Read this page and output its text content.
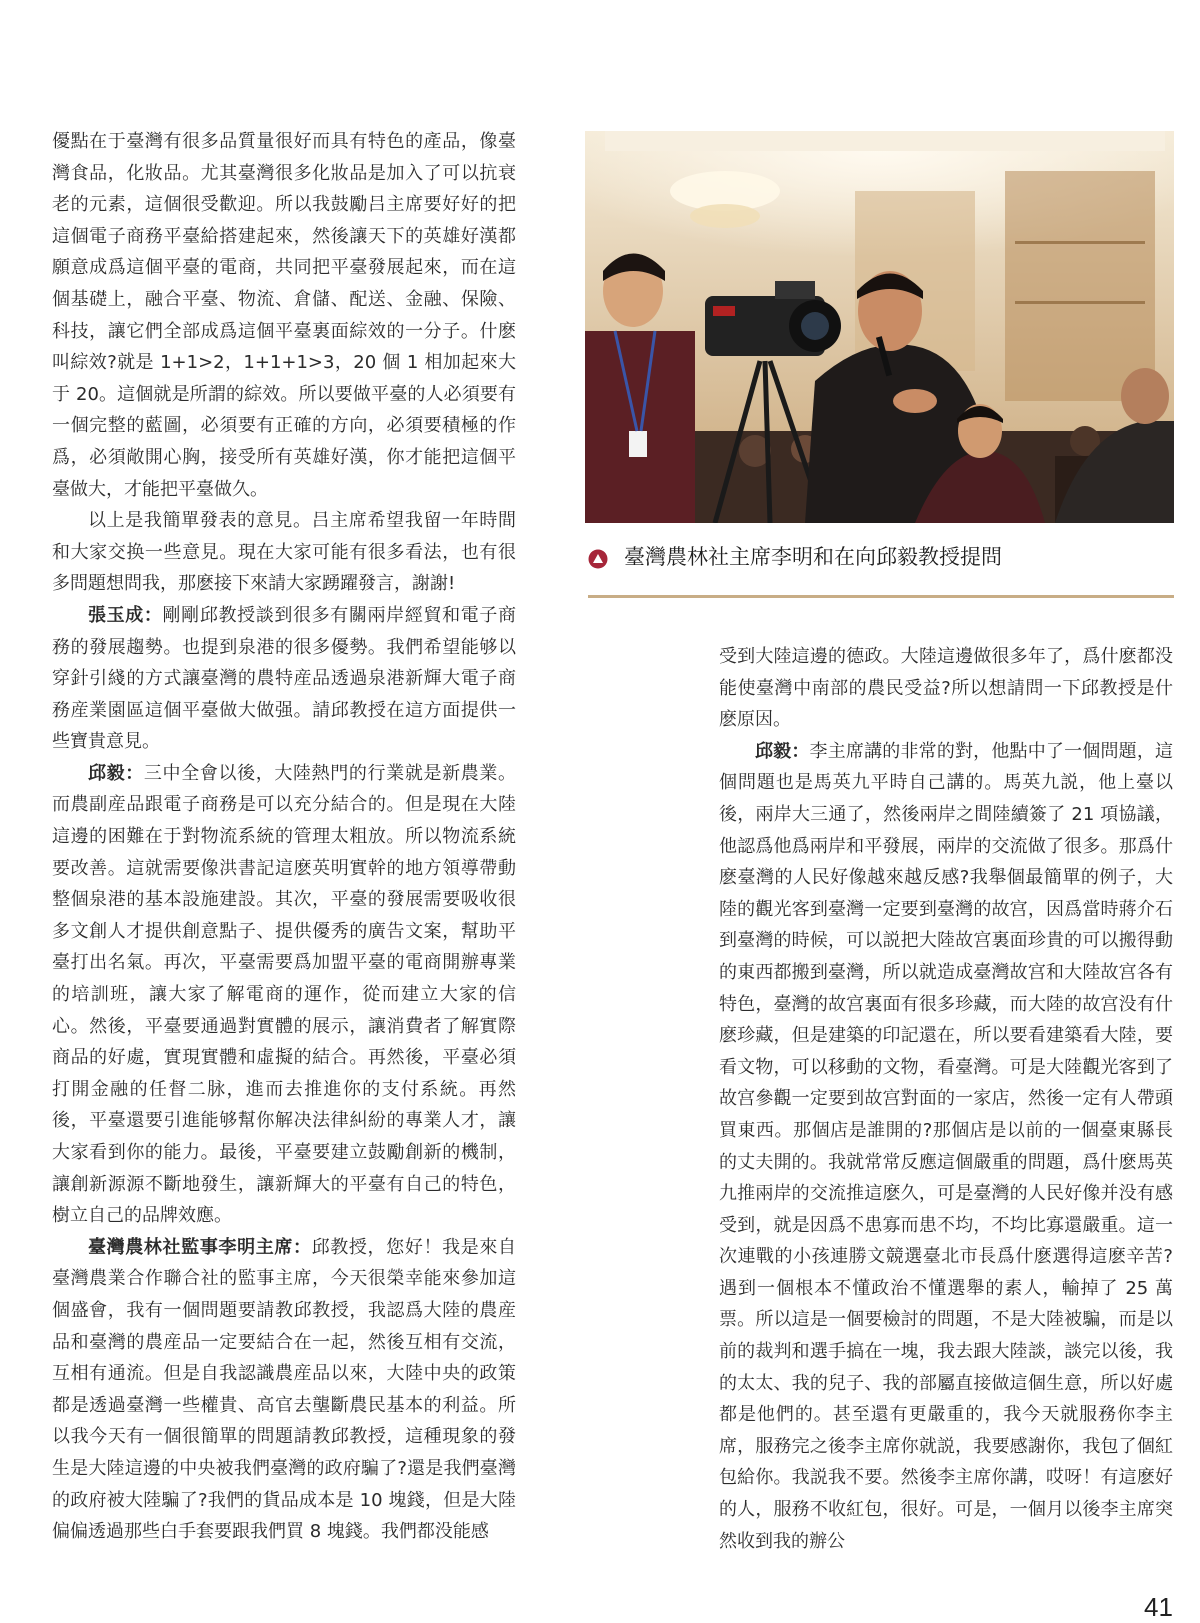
優點在于臺灣有很多品質量很好而具有特色的產品，像臺灣食品，化妝品。尤其臺灣很多化妝品是加入了可以抗衰老的元素，這個很受歡迎。所以我鼓勵吕主席要好好的把這個電子商務平臺給搭建起來，然後讓天下的英雄好漢都願意成爲這個平臺的電商，共同把平臺發展起來，而在這個基礎上，融合平臺、物流、倉儲、配送、金融、保險、科技，讓它們全部成爲這個平臺裏面綜效的一分子。什麽叫綜效?就是 1+1>2，1+1+1>3，20 個 1 相加起來大于 20。這個就是所謂的綜效。所以要做平臺的人必須要有一個完整的藍圖，必須要有正確的方向，必須要積極的作爲，必須敞開心胸，接受所有英雄好漢，你才能把這個平臺做大，才能把平臺做久。

以上是我簡單發表的意見。吕主席希望我留一年時間和大家交换一些意見。現在大家可能有很多看法，也有很多問題想問我，那麽接下來請大家踴躍發言，謝謝!

張玉成：剛剛邱教授談到很多有關兩岸經貿和電子商務的發展趨勢。也提到泉港的很多優勢。我們希望能够以穿針引綫的方式讓臺灣的農特産品透過泉港新輝大電子商務産業園區這個平臺做大做强。請邱教授在這方面提供一些寶貴意見。

邱毅：三中全會以後，大陸熱門的行業就是新農業。而農副産品跟電子商務是可以充分結合的。但是現在大陸這邊的困難在于對物流系統的管理太粗放。所以物流系統要改善。這就需要像洪書記這麽英明實幹的地方領導帶動整個泉港的基本設施建設。其次，平臺的發展需要吸收很多文創人才提供創意點子、提供優秀的廣告文案，幫助平臺打出名氣。再次，平臺需要爲加盟平臺的電商開辦專業的培訓班，讓大家了解電商的運作，從而建立大家的信心。然後，平臺要通過對實體的展示，讓消費者了解實際商品的好處，實現實體和虛擬的結合。再然後，平臺必須打開金融的任督二脉，進而去推進你的支付系統。再然後，平臺還要引進能够幫你解决法律糾紛的專業人才，讓大家看到你的能力。最後，平臺要建立鼓勵創新的機制，讓創新源源不斷地發生，讓新輝大的平臺有自己的特色，樹立自己的品牌效應。

臺灣農林社監事李明主席：邱教授，您好！我是來自臺灣農業合作聯合社的監事主席，今天很榮幸能來參加這個盛會，我有一個問題要請教邱教授，我認爲大陸的農産品和臺灣的農産品一定要結合在一起，然後互相有交流，互相有通流。但是自我認識農産品以來，大陸中央的政策都是透過臺灣一些權貴、高官去壟斷農民基本的利益。所以我今天有一個很簡單的問題請教邱教授，這種現象的發生是大陸這邊的中央被我們臺灣的政府騙了?還是我們臺灣的政府被大陸騙了?我們的貨品成本是 10 塊錢，但是大陸偏偏透過那些白手套要跟我們買 8 塊錢。我們都没能感

臺灣農林社主席李明和在向邱毅教授提問

受到大陸這邊的德政。大陸這邊做很多年了，爲什麽都没能使臺灣中南部的農民受益?所以想請問一下邱教授是什麽原因。

邱毅：李主席講的非常的對，他點中了一個問題，這個問題也是馬英九平時自己講的。馬英九説，他上臺以後，兩岸大三通了，然後兩岸之間陸續簽了 21 項協議，他認爲他爲兩岸和平發展，兩岸的交流做了很多。那爲什麽臺灣的人民好像越來越反感?我舉個最簡單的例子，大陸的觀光客到臺灣一定要到臺灣的故宫，因爲當時蔣介石到臺灣的時候，可以説把大陸故宫裏面珍貴的可以搬得動的東西都搬到臺灣，所以就造成臺灣故宫和大陸故宫各有特色，臺灣的故宫裏面有很多珍藏，而大陸的故宫没有什麽珍藏，但是建築的印記還在，所以要看建築看大陸，要看文物，可以移動的文物，看臺灣。可是大陸觀光客到了故宫參觀一定要到故宫對面的一家店，然後一定有人帶頭買東西。那個店是誰開的?那個店是以前的一個臺東縣長的丈夫開的。我就常常反應這個嚴重的問題，爲什麽馬英九推兩岸的交流推這麽久，可是臺灣的人民好像并没有感受到，就是因爲不患寡而患不均，不均比寡還嚴重。這一次連戰的小孩連勝文競選臺北市長爲什麽選得這麽辛苦?遇到一個根本不懂政治不懂選舉的素人，輸掉了 25 萬票。所以這是一個要檢討的問題，不是大陸被騙，而是以前的裁判和選手搞在一塊，我去跟大陸談，談完以後，我的太太、我的兒子、我的部屬直接做這個生意，所以好處都是他們的。甚至還有更嚴重的，我今天就服務你李主席，服務完之後李主席你就説，我要感謝你，我包了個紅包給你。我説我不要。然後李主席你講，哎呀！有這麽好的人，服務不收紅包，很好。可是，一個月以後李主席突然收到我的辦公

41
